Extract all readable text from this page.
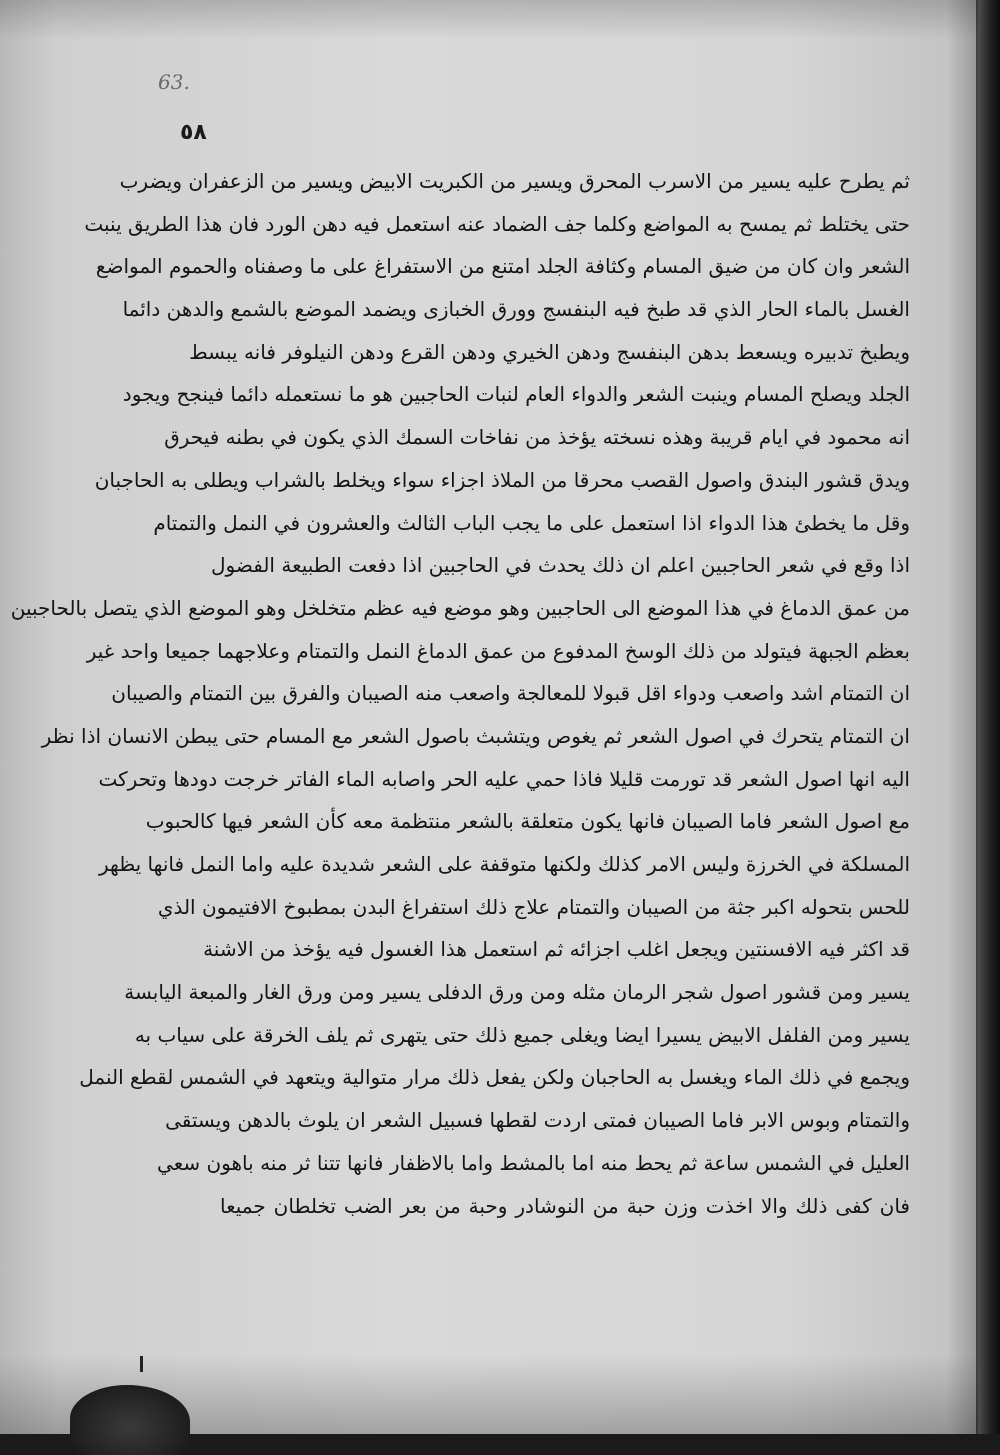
63.
٥٨
ثم يطرح عليه يسير من الاسرب المحرق ويسير من الكبريت الابيض ويسير من الزعفران ويضرب
حتى يختلط ثم يمسح به المواضع وكلما جف الضماد عنه استعمل فيه دهن الورد فان هذا الطريق ينبت
الشعر وان كان من ضيق المسام وكثافة الجلد امتنع من الاستفراغ على ما وصفناه والحموم المواضع
الغسل بالماء الحار الذي قد طبخ فيه البنفسج وورق الخبازى ويضمد الموضع بالشمع والدهن دائما
ويطبخ تدبيره ويسعط بدهن البنفسج ودهن الخيري ودهن القرع ودهن النيلوفر فانه يبسط
الجلد ويصلح المسام وينبت الشعر والدواء العام لنبات الحاجبين هو ما نستعمله دائما فينجح ويجود
انه محمود في ايام قريبة وهذه نسخته يؤخذ من نفاخات السمك الذي يكون في بطنه فيحرق
ويدق قشور البندق واصول القصب محرقا من الملاذ اجزاء سواء ويخلط بالشراب ويطلى به الحاجبان
وقل ما يخطئ هذا الدواء اذا استعمل على ما يجب الباب الثالث والعشرون في النمل والتمتام
اذا وقع في شعر الحاجبين اعلم ان ذلك يحدث في الحاجبين اذا دفعت الطبيعة الفضول
من عمق الدماغ في هذا الموضع الى الحاجبين وهو موضع فيه عظم متخلخل وهو الموضع الذي يتصل بالحاجبين
بعظم الجبهة فيتولد من ذلك الوسخ المدفوع من عمق الدماغ النمل والتمتام وعلاجهما جميعا واحد غير
ان التمتام اشد واصعب ودواء اقل قبولا للمعالجة واصعب منه الصيبان والفرق بين التمتام والصيبان
ان التمتام يتحرك في اصول الشعر ثم يغوص ويتشبث باصول الشعر مع المسام حتى يبطن الانسان اذا نظر
اليه انها اصول الشعر قد تورمت قليلا فاذا حمي عليه الحر واصابه الماء الفاتر خرجت دودها وتحركت
مع اصول الشعر فاما الصيبان فانها يكون متعلقة بالشعر منتظمة معه كأن الشعر فيها كالحبوب
المسلكة في الخرزة وليس الامر كذلك ولكنها متوقفة على الشعر شديدة عليه واما النمل فانها يظهر
للحس بتحوله اكبر جثة من الصيبان والتمتام علاج ذلك استفراغ البدن بمطبوخ الافتيمون الذي
قد اكثر فيه الافسنتين ويجعل اغلب اجزائه ثم استعمل هذا الغسول فيه يؤخذ من الاشنة
يسير ومن قشور اصول شجر الرمان مثله ومن ورق الدفلى يسير ومن ورق الغار والمبعة اليابسة
يسير ومن الفلفل الابيض يسيرا ايضا ويغلى جميع ذلك حتى يتهرى ثم يلف الخرقة على سياب به
ويجمع في ذلك الماء ويغسل به الحاجبان ولكن يفعل ذلك مرار متوالية ويتعهد في الشمس لقطع النمل
والتمتام وبوس الابر فاما الصيبان فمتى اردت لقطها فسبيل الشعر ان يلوث بالدهن ويستقى
العليل في الشمس ساعة ثم يحط منه اما بالمشط واما بالاظفار فانها تتنا ثر منه باهون سعي
فان كفى ذلك والا اخذت وزن حبة من النوشادر وحبة من بعر الضب تخلطان جميعا
